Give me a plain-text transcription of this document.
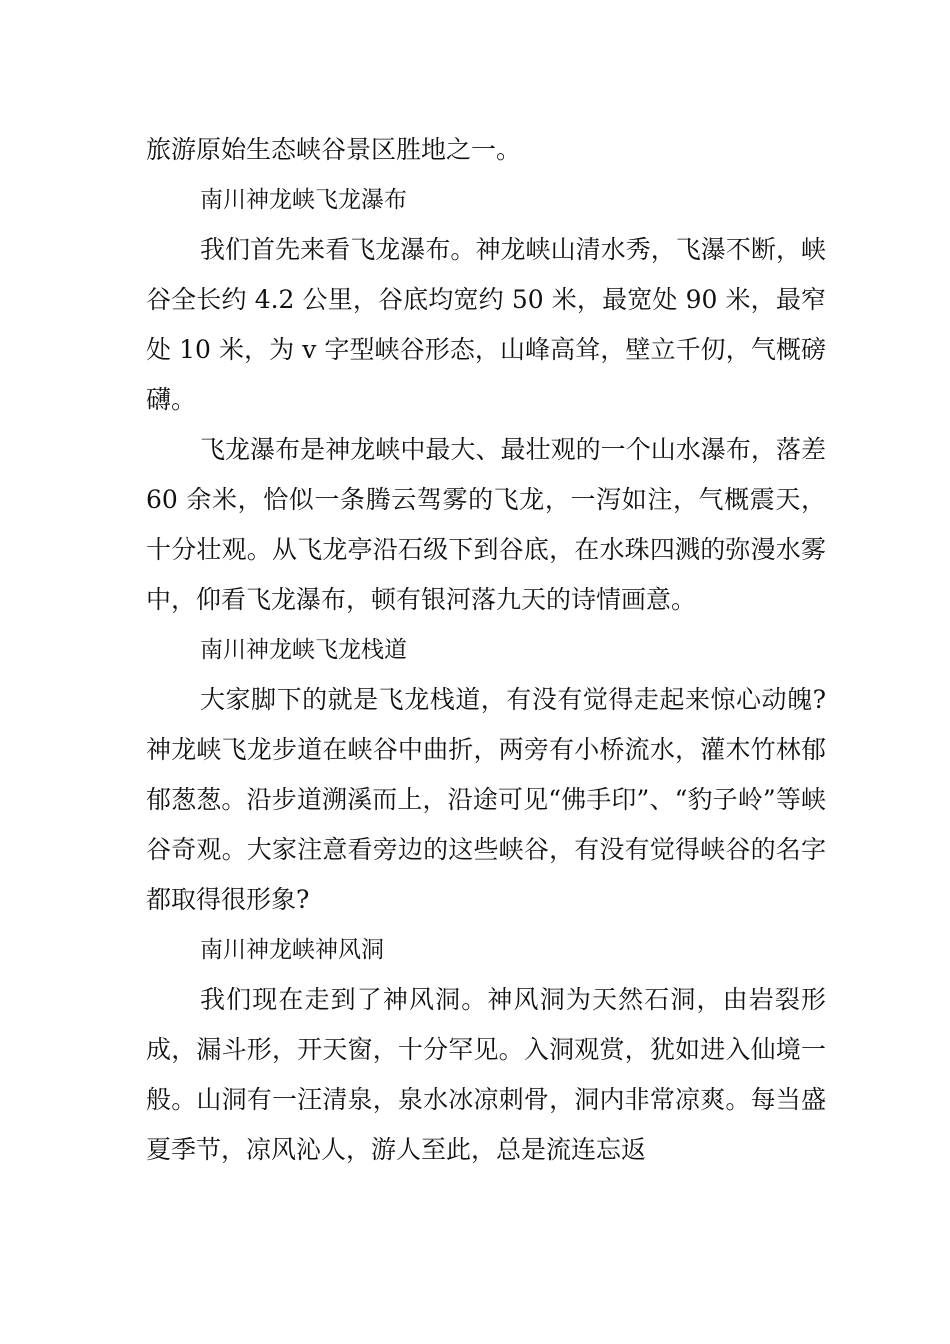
旅游原始生态峡谷景区胜地之一。

南川神龙峡飞龙瀑布

我们首先来看飞龙瀑布。神龙峡山清水秀，飞瀑不断，峡谷全长约 4.2 公里，谷底均宽约 50 米，最宽处 90 米，最窄处 10 米，为 v 字型峡谷形态，山峰高耸，壁立千仞，气概磅礴。

飞龙瀑布是神龙峡中最大、最壮观的一个山水瀑布，落差 60 余米，恰似一条腾云驾雾的飞龙，一泻如注，气概震天，十分壮观。从飞龙亭沿石级下到谷底，在水珠四溅的弥漫水雾中，仰看飞龙瀑布，顿有银河落九天的诗情画意。

南川神龙峡飞龙栈道

大家脚下的就是飞龙栈道，有没有觉得走起来惊心动魄?神龙峡飞龙步道在峡谷中曲折，两旁有小桥流水，灌木竹林郁郁葱葱。沿步道溯溪而上，沿途可见“佛手印”、“豹子岭”等峡谷奇观。大家注意看旁边的这些峡谷，有没有觉得峡谷的名字都取得很形象?

南川神龙峡神风洞

我们现在走到了神风洞。神风洞为天然石洞，由岩裂形成，漏斗形，开天窗，十分罕见。入洞观赏，犹如进入仙境一般。山洞有一汪清泉，泉水冰凉刺骨，洞内非常凉爽。每当盛夏季节，凉风沁人，游人至此，总是流连忘返
